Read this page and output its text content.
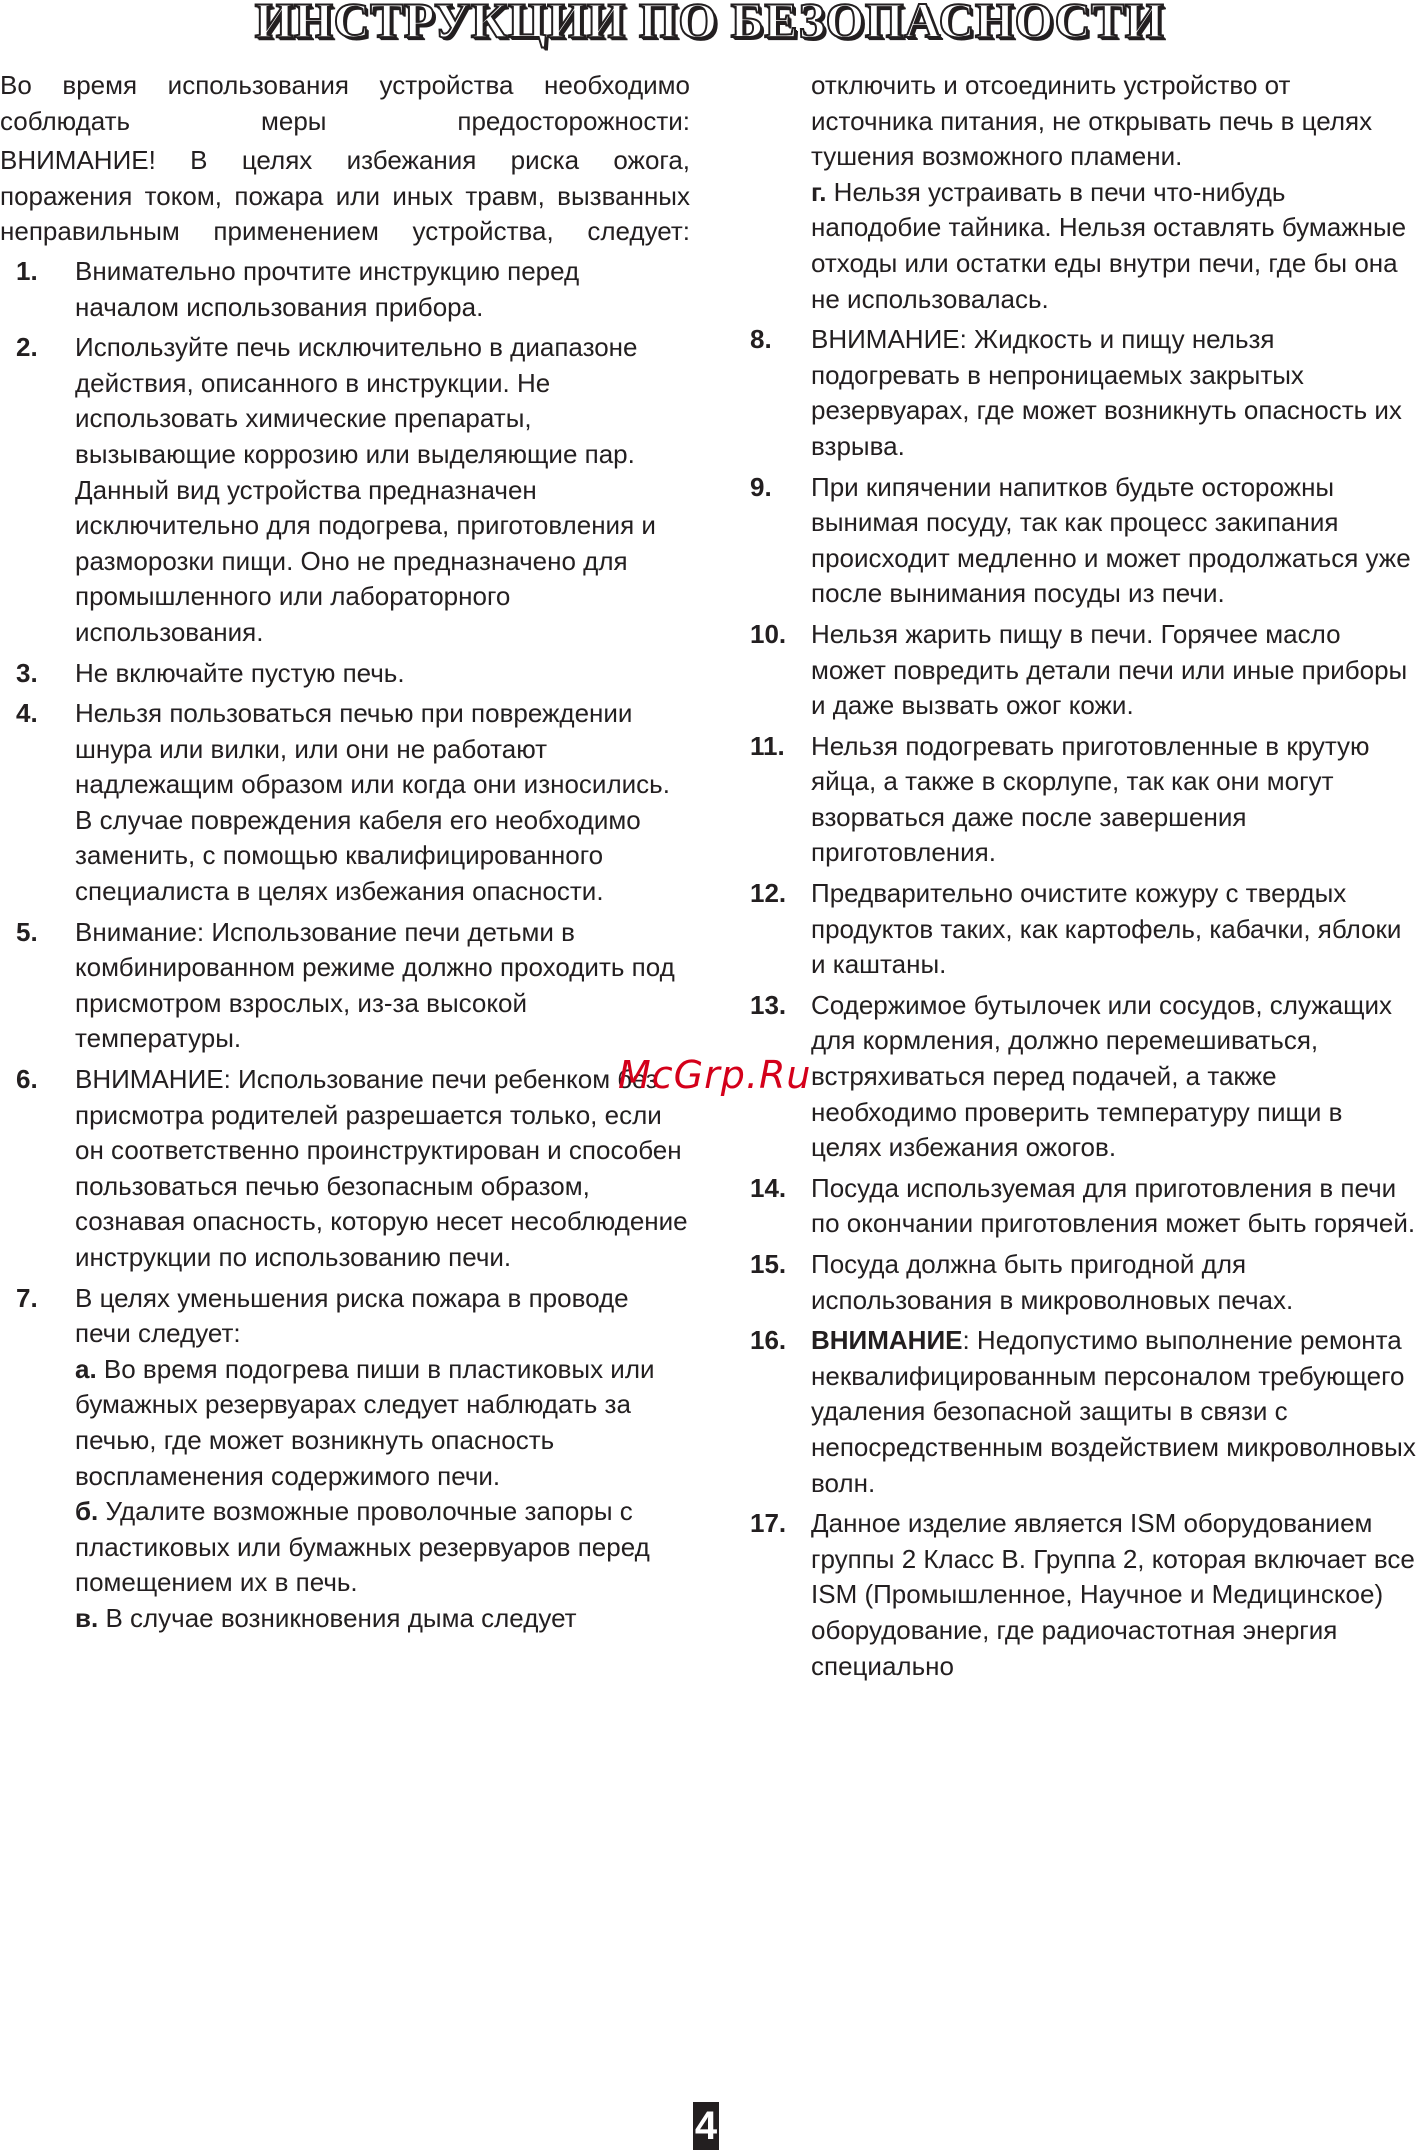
ИНСТРУКЦИИ ПО БЕЗОПАСНОСТИ

Во время использования устройства необходимо соблюдать меры предосторожности:

ВНИМАНИЕ! В целях избежания риска ожога, поражения током, пожара или иных травм, вызванных неправильным применением устройства, следует:

1.	Внимательно прочтите инструкцию перед началом использования прибора.
2.	Используйте печь исключительно в диапазоне действия, описанного в инструкции. Не использовать химические препараты, вызывающие коррозию или выделяющие пар. Данный вид устройства предназначен исключительно для подогрева, приготовления и разморозки пищи. Оно не предназначено для промышленного или лабораторного использования.
3.	Не включайте пустую печь.
4.	Нельзя пользоваться печью при повреждении шнура или вилки, или они не работают надлежащим образом или когда они износились. В случае повреждения кабеля его необходимо заменить, с помощью квалифицированного специалиста в целях избежания опасности.
5.	Внимание: Использование печи детьми в комбинированном режиме должно проходить под присмотром взрослых, из-за высокой температуры.
6.	ВНИМАНИЕ: Использование печи ребенком без присмотра родителей разрешается только, если он соответственно проинструктирован и способен пользоваться печью безопасным образом, сознавая опасность, которую несет несоблюдение инструкции по использованию печи.
7.	В целях уменьшения риска пожара в проводе печи следует:
а. Во время подогрева пиши в пластиковых или бумажных резервуарах следует наблюдать за печью, где может возникнуть опасность воспламенения содержимого печи.
б. Удалите возможные проволочные запоры с пластиковых или бумажных резервуаров перед помещением их в печь.
в. В случае возникновения дыма следует
отключить и отсоединить устройство от источника питания, не открывать печь в целях тушения возможного пламени.
г. Нельзя устраивать в печи что-нибудь наподобие тайника. Нельзя оставлять бумажные отходы или остатки еды внутри печи, где бы она не использовалась.
8.	ВНИМАНИЕ: Жидкость и пищу нельзя подогревать в непроницаемых закрытых резервуарах, где может возникнуть опасность их взрыва.
9.	При кипячении напитков будьте осторожны вынимая посуду, так как процесс закипания происходит медленно и может продолжаться уже после вынимания посуды из печи.
10. Нельзя жарить пищу в печи. Горячее масло может повредить детали печи или иные приборы и даже вызвать ожог кожи.
11.	Нельзя подогревать приготовленные в крутую яйца, а также в скорлупе, так как они могут взорваться даже после завершения приготовления.
12. Предварительно очистите кожуру с твердых продуктов таких, как картофель, кабачки, яблоки и каштаны.
13. Содержимое бутылочек или сосудов, служащих для кормления, должно перемешиваться, встряхиваться перед подачей, а также необходимо проверить температуру пищи в целях избежания ожогов.
14. Посуда используемая для приготовления в печи по окончании приготовления может быть горячей.
15. Посуда должна быть пригодной для использования в микроволновых печах.
16. ВНИМАНИЕ: Недопустимо выполнение ремонта неквалифицированным персоналом требующего удаления безопасной защиты в связи с непосредственным воздействием микроволновых волн.
17. Данное изделие является ISM оборудованием группы 2 Класс В. Группа 2, которая включает все ISM (Промышленное, Научное и Медицинское) оборудование, где радиочастотная энергия специально
McGrp.Ru
4
